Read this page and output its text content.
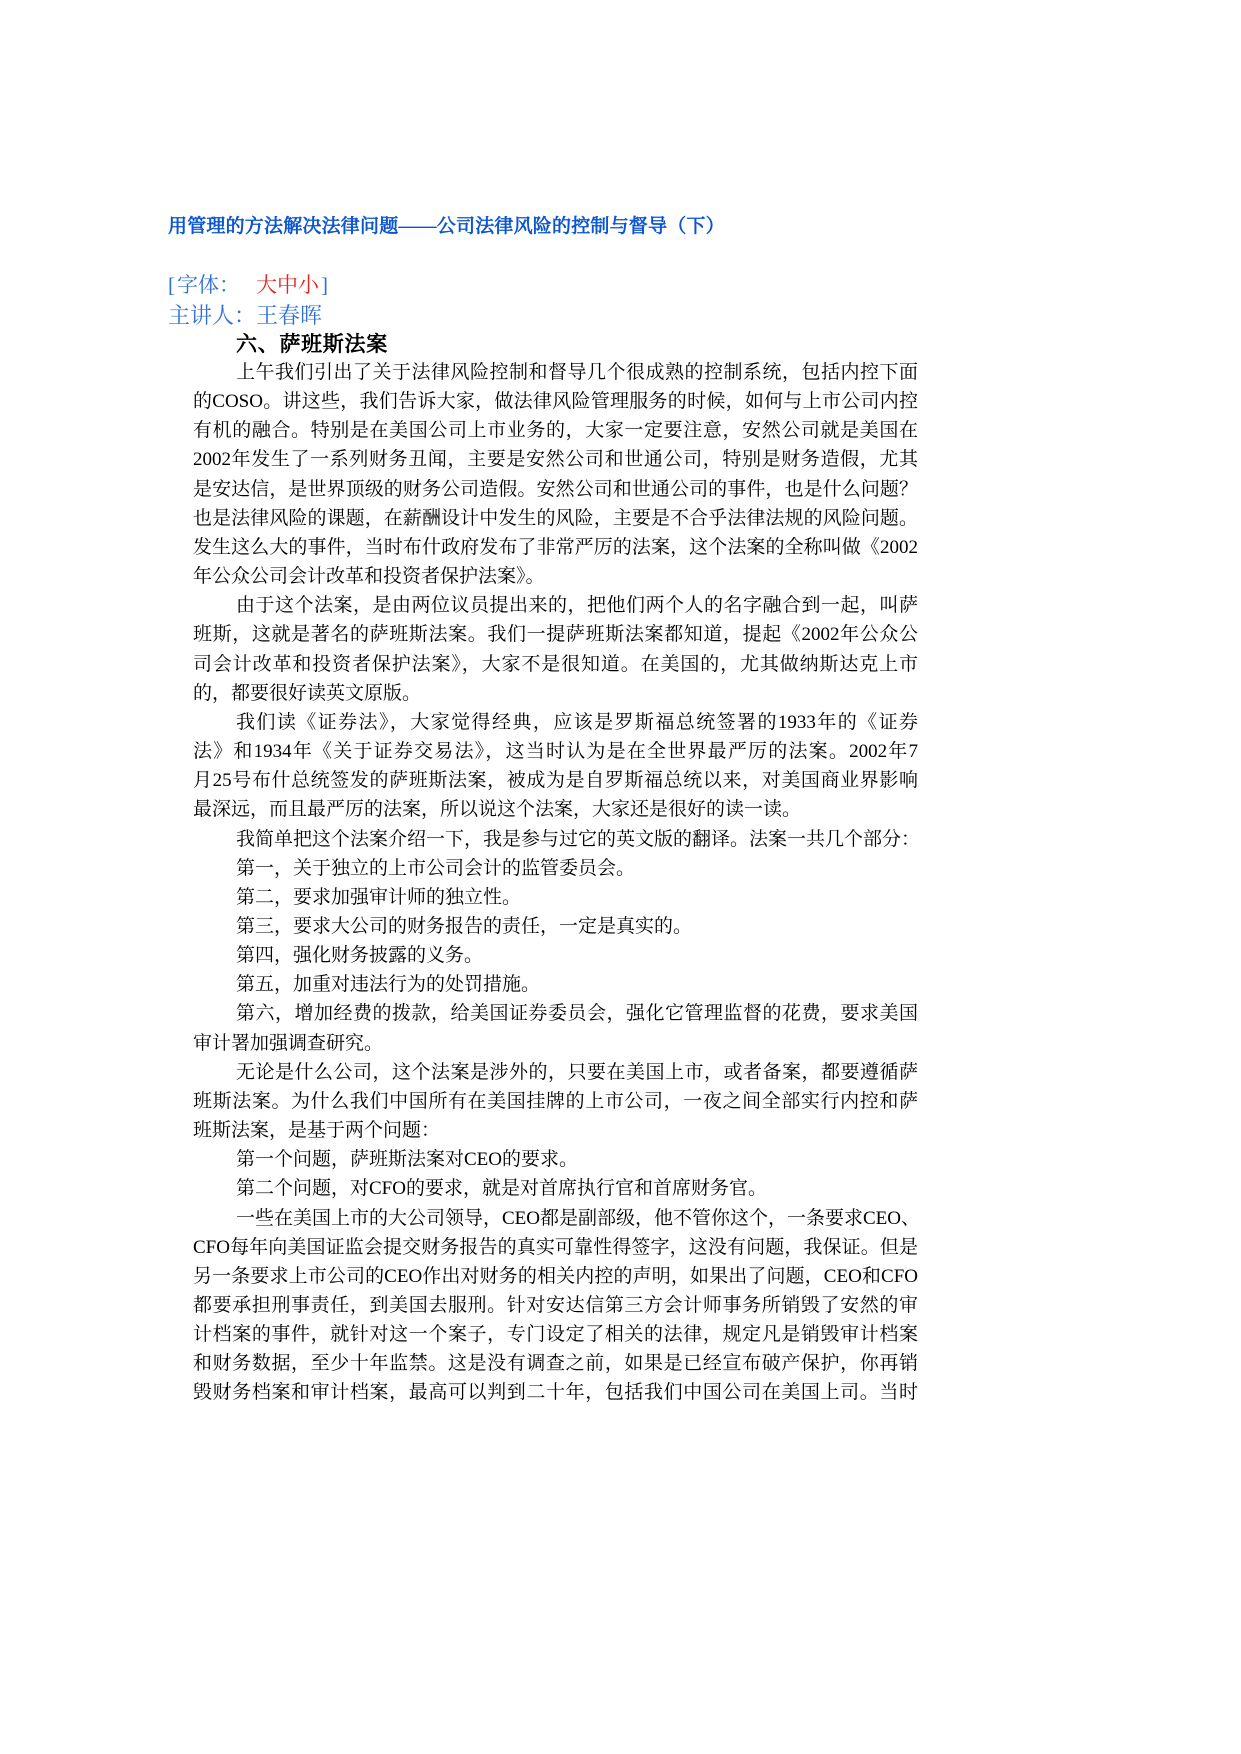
用管理的方法解决法律问题——公司法律风险的控制与督导（下）
[字体： 大中小]
主讲人：王春晖
六、萨班斯法案
上午我们引出了关于法律风险控制和督导几个很成熟的控制系统，包括内控下面
的COSO。讲这些，我们告诉大家，做法律风险管理服务的时候，如何与上市公司内控
有机的融合。特别是在美国公司上市业务的，大家一定要注意，安然公司就是美国在
2002年发生了一系列财务丑闻，主要是安然公司和世通公司，特别是财务造假，尤其
是安达信，是世界顶级的财务公司造假。安然公司和世通公司的事件，也是什么问题？
也是法律风险的课题，在薪酬设计中发生的风险，主要是不合乎法律法规的风险问题。
发生这么大的事件，当时布什政府发布了非常严厉的法案，这个法案的全称叫做《2002
年公众公司会计改革和投资者保护法案》。
由于这个法案，是由两位议员提出来的，把他们两个人的名字融合到一起，叫萨
班斯，这就是著名的萨班斯法案。我们一提萨班斯法案都知道，提起《2002年公众公
司会计改革和投资者保护法案》，大家不是很知道。在美国的，尤其做纳斯达克上市
的，都要很好读英文原版。
我们读《证券法》，大家觉得经典，应该是罗斯福总统签署的1933年的《证券
法》和1934年《关于证券交易法》，这当时认为是在全世界最严厉的法案。2002年7
月25号布什总统签发的萨班斯法案，被成为是自罗斯福总统以来，对美国商业界影响
最深远，而且最严厉的法案，所以说这个法案，大家还是很好的读一读。
我简单把这个法案介绍一下，我是参与过它的英文版的翻译。法案一共几个部分：
第一，关于独立的上市公司会计的监管委员会。
第二，要求加强审计师的独立性。
第三，要求大公司的财务报告的责任，一定是真实的。
第四，强化财务披露的义务。
第五，加重对违法行为的处罚措施。
第六，增加经费的拨款，给美国证券委员会，强化它管理监督的花费，要求美国
审计署加强调查研究。
无论是什么公司，这个法案是涉外的，只要在美国上市，或者备案，都要遵循萨
班斯法案。为什么我们中国所有在美国挂牌的上市公司，一夜之间全部实行内控和萨
班斯法案，是基于两个问题：
第一个问题，萨班斯法案对CEO的要求。
第二个问题，对CFO的要求，就是对首席执行官和首席财务官。
一些在美国上市的大公司领导，CEO都是副部级，他不管你这个，一条要求CEO、
CFO每年向美国证监会提交财务报告的真实可靠性得签字，这没有问题，我保证。但是
另一条要求上市公司的CEO作出对财务的相关内控的声明，如果出了问题，CEO和CFO
都要承担刑事责任，到美国去服刑。针对安达信第三方会计师事务所销毁了安然的审
计档案的事件，就针对这一个案子，专门设定了相关的法律，规定凡是销毁审计档案
和财务数据，至少十年监禁。这是没有调查之前，如果是已经宣布破产保护，你再销
毁财务档案和审计档案，最高可以判到二十年，包括我们中国公司在美国上司。当时
